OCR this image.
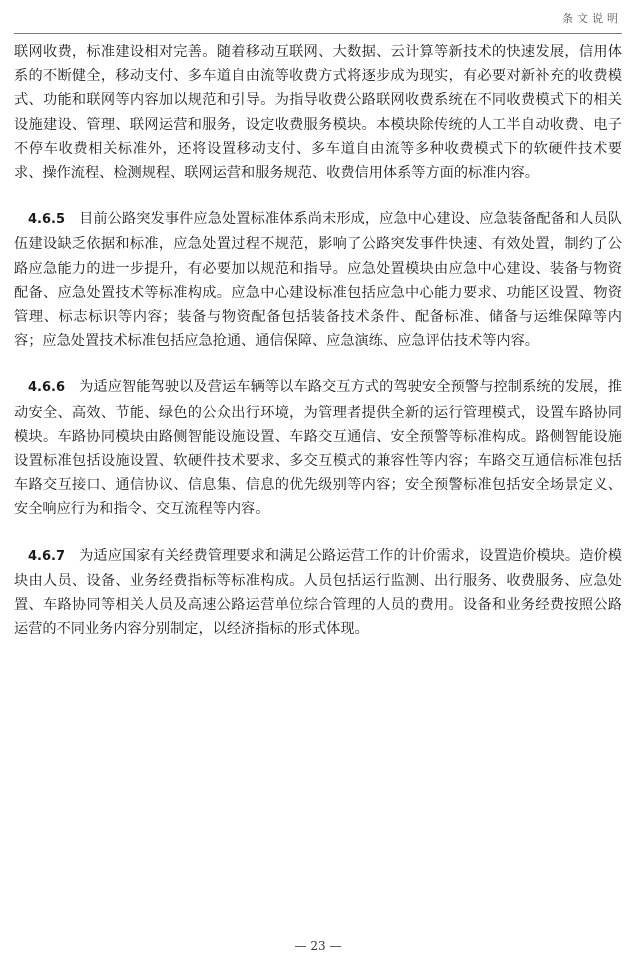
条文说明

联网收费，标准建设相对完善。随着移动互联网、大数据、云计算等新技术的快速发展，信用体系的不断健全，移动支付、多车道自由流等收费方式将逐步成为现实，有必要对新补充的收费模式、功能和联网等内容加以规范和引导。为指导收费公路联网收费系统在不同收费模式下的相关设施建设、管理、联网运营和服务，设定收费服务模块。本模块除传统的人工半自动收费、电子不停车收费相关标准外，还将设置移动支付、多车道自由流等多种收费模式下的软硬件技术要求、操作流程、检测规程、联网运营和服务规范、收费信用体系等方面的标准内容。

4.6.5 目前公路突发事件应急处置标准体系尚未形成，应急中心建设、应急装备配备和人员队伍建设缺乏依据和标准，应急处置过程不规范，影响了公路突发事件快速、有效处置，制约了公路应急能力的进一步提升，有必要加以规范和指导。应急处置模块由应急中心建设、装备与物资配备、应急处置技术等标准构成。应急中心建设标准包括应急中心能力要求、功能区设置、物资管理、标志标识等内容；装备与物资配备包括装备技术条件、配备标准、储备与运维保障等内容；应急处置技术标准包括应急抢通、通信保障、应急演练、应急评估技术等内容。

4.6.6 为适应智能驾驶以及营运车辆等以车路交互方式的驾驶安全预警与控制系统的发展，推动安全、高效、节能、绿色的公众出行环境，为管理者提供全新的运行管理模式，设置车路协同模块。车路协同模块由路侧智能设施设置、车路交互通信、安全预警等标准构成。路侧智能设施设置标准包括设施设置、软硬件技术要求、多交互模式的兼容性等内容；车路交互通信标准包括车路交互接口、通信协议、信息集、信息的优先级别等内容；安全预警标准包括安全场景定义、安全响应行为和指令、交互流程等内容。

4.6.7 为适应国家有关经费管理要求和满足公路运营工作的计价需求，设置造价模块。造价模块由人员、设备、业务经费指标等标准构成。人员包括运行监测、出行服务、收费服务、应急处置、车路协同等相关人员及高速公路运营单位综合管理的人员的费用。设备和业务经费按照公路运营的不同业务内容分别制定，以经济指标的形式体现。

— 23 —
